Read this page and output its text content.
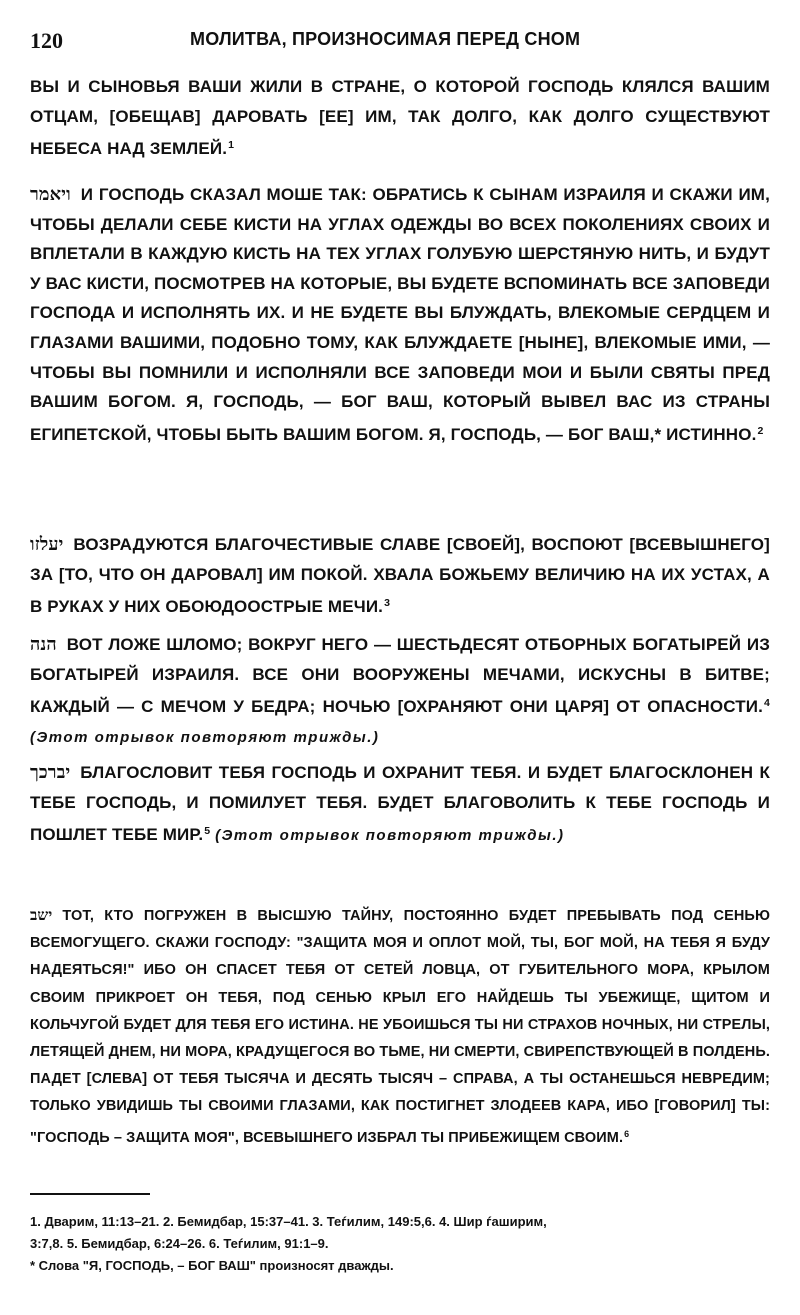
120	МОЛИТВА, ПРОИЗНОСИМАЯ ПЕРЕД СНОМ
ВЫ И СЫНОВЬЯ ВАШИ ЖИЛИ В СТРАНЕ, О КОТОРОЙ ГОСПОДЬ КЛЯЛСЯ ВАШИМ ОТЦАМ, [ОБЕЩАВ] ДАРОВАТЬ [ЕЕ] ИМ, ТАК ДОЛГО, КАК ДОЛГО СУЩЕСТВУЮТ НЕБЕСА НАД ЗЕМЛЕЙ.$^1$
ויאמר И ГОСПОДЬ СКАЗАЛ МОШЕ ТАК: ОБРАТИСЬ К СЫНАМ ИЗРАИЛЯ И СКАЖИ ИМ, ЧТОБЫ ДЕЛАЛИ СЕБЕ КИСТИ НА УГЛАХ ОДЕЖДЫ ВО ВСЕХ ПОКОЛЕНИЯХ СВОИХ И ВПЛЕТАЛИ В КАЖДУЮ КИСТЬ НА ТЕХ УГЛАХ ГОЛУБУЮ ШЕРСТЯНУЮ НИТЬ, И БУДУТ У ВАС КИСТИ, ПОСМОТРЕВ НА КОТОРЫЕ, ВЫ БУДЕТЕ ВСПОМИНАТЬ ВСЕ ЗАПОВЕДИ ГОСПОДА И ИСПОЛНЯТЬ ИХ. И НЕ БУДЕТЕ ВЫ БЛУЖДАТЬ, ВЛЕКОМЫЕ СЕРДЦЕМ И ГЛАЗАМИ ВАШИМИ, ПОДОБНО ТОМУ, КАК БЛУЖДАЕТЕ [НЫНЕ], ВЛЕКОМЫЕ ИМИ, — ЧТОБЫ ВЫ ПОМНИЛИ И ИСПОЛНЯЛИ ВСЕ ЗАПОВЕДИ МОИ И БЫЛИ СВЯТЫ ПРЕД ВАШИМ БОГОМ. Я, ГОСПОДЬ, — БОГ ВАШ, КОТОРЫЙ ВЫВЕЛ ВАС ИЗ СТРАНЫ ЕГИПЕТСКОЙ, ЧТОБЫ БЫТЬ ВАШИМ БОГОМ. Я, ГОСПОДЬ, — БОГ ВАШ,* ИСТИННО.$^2$
יעלזו ВОЗРАДУЮТСЯ БЛАГОЧЕСТИВЫЕ СЛАВЕ [СВОЕЙ], ВОСПОЮТ [ВСЕВЫШНЕГО] ЗА [ТО, ЧТО ОН ДАРОВАЛ] ИМ ПОКОЙ. ХВАЛА БОЖЬЕМУ ВЕЛИЧИЮ НА ИХ УСТАХ, А В РУКАХ У НИХ ОБОЮДООСТРЫЕ МЕЧИ.$^3$
הנה ВОТ ЛОЖЕ ШЛОМО; ВОКРУГ НЕГО — ШЕСТЬДЕСЯТ ОТБОРНЫХ БОГАТЫРЕЙ ИЗ БОГАТЫРЕЙ ИЗРАИЛЯ. ВСЕ ОНИ ВООРУЖЕНЫ МЕЧАМИ, ИСКУСНЫ В БИТВЕ; КАЖДЫЙ — С МЕЧОМ У БЕДРА; НОЧЬЮ [ОХРАНЯЮТ ОНИ ЦАРЯ] ОТ ОПАСНОСТИ.$^4$ (Этот отрывок повторяют трижды.)
יברכך БЛАГОСЛОВИТ ТЕБЯ ГОСПОДЬ И ОХРАНИТ ТЕБЯ. И БУДЕТ БЛАГОСКЛОНЕН К ТЕБЕ ГОСПОДЬ, И ПОМИЛУЕТ ТЕБЯ. БУДЕТ БЛАГОВОЛИТЬ К ТЕБЕ ГОСПОДЬ И ПОШЛЕТ ТЕБЕ МИР.$^5$ (Этот отрывок повторяют трижды.)
ישב ТОТ, КТО ПОГРУЖЕН В ВЫСШУЮ ТАЙНУ, ПОСТОЯННО БУДЕТ ПРЕБЫВАТЬ ПОД СЕНЬЮ ВСЕМОГУЩЕГО. СКАЖИ ГОСПОДУ: "ЗАЩИТА МОЯ И ОПЛОТ МОЙ, ТЫ, БОГ МОЙ, НА ТЕБЯ Я БУДУ НАДЕЯТЬСЯ!" ИБО ОН СПАСЕТ ТЕБЯ ОТ СЕТЕЙ ЛОВЦА, ОТ ГУБИТЕЛЬНОГО МОРА, КРЫЛОМ СВОИМ ПРИКРОЕТ ОН ТЕБЯ, ПОД СЕНЬЮ КРЫЛ ЕГО НАЙДЕШЬ ТЫ УБЕЖИЩЕ, ЩИТОМ И КОЛЬЧУГОЙ БУДЕТ ДЛЯ ТЕБЯ ЕГО ИСТИНА. НЕ УБОИШЬСЯ ТЫ НИ СТРАХОВ НОЧНЫХ, НИ СТРЕЛЫ, ЛЕТЯЩЕЙ ДНЕМ, НИ МОРА, КРАДУЩЕГОСЯ ВО ТЬМЕ, НИ СМЕРТИ, СВИРЕПСТВУЮЩЕЙ В ПОЛДЕНЬ. ПАДЕТ [СЛЕВА] ОТ ТЕБЯ ТЫСЯЧА И ДЕСЯТЬ ТЫСЯЧ – СПРАВА, А ТЫ ОСТАНЕШЬСЯ НЕВРЕДИМ; ТОЛЬКО УВИДИШЬ ТЫ СВОИМИ ГЛАЗАМИ, КАК ПОСТИГНЕТ ЗЛОДЕЕВ КАРА, ИБО [ГОВОРИЛ] ТЫ: "ГОСПОДЬ – ЗАЩИТА МОЯ", ВСЕВЫШНЕГО ИЗБРАЛ ТЫ ПРИБЕЖИЩЕМ СВОИМ.$^6$
1. Дварим, 11:13–21. 2. Бемидбар, 15:37–41. 3. Теѓилим, 149:5,6. 4. Шир ѓаширим,
3:7,8. 5. Бемидбар, 6:24–26. 6. Теѓилим, 91:1–9.
* Слова "Я, ГОСПОДЬ, – БОГ ВАШ" произносят дважды.
